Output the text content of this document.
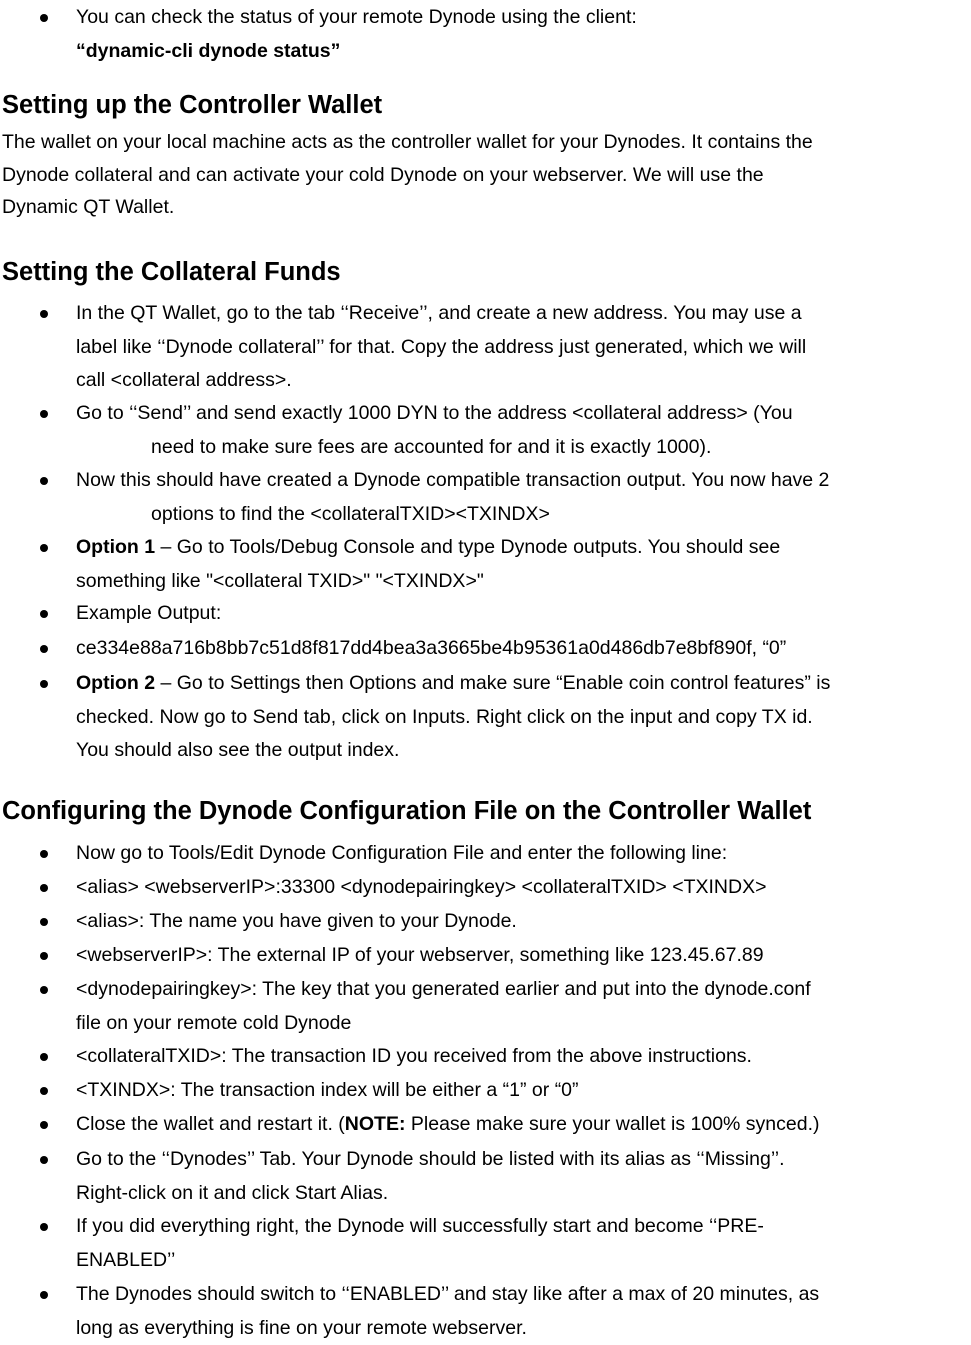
You can check the status of your remote Dynode using the client:
“dynamic-cli dynode status”
Setting up the Controller Wallet
The wallet on your local machine acts as the controller wallet for your Dynodes. It contains the
Dynode collateral and can activate your cold Dynode on your webserver. We will use the
Dynamic QT Wallet.
Setting the Collateral Funds
In the QT Wallet, go to the tab ‘‘Receive’’, and create a new address. You may use a
label like ‘‘Dynode collateral’’ for that. Copy the address just generated, which we will
call <collateral address>.
Go to ‘‘Send’’ and send exactly 1000 DYN to the address <collateral address> (You
need to make sure fees are accounted for and it is exactly 1000).
Now this should have created a Dynode compatible transaction output. You now have 2
options to find the <collateralTXID><TXINDX>
Option 1 – Go to Tools/Debug Console and type Dynode outputs. You should see
something like "<collateral TXID>" "<TXINDX>"
Example Output:
ce334e88a716b8bb7c51d8f817dd4bea3a3665be4b95361a0d486db7e8bf890f, “0”
Option 2 – Go to Settings then Options and make sure “Enable coin control features” is
checked. Now go to Send tab, click on Inputs. Right click on the input and copy TX id.
You should also see the output index.
Configuring the Dynode Configuration File on the Controller Wallet
Now go to Tools/Edit Dynode Configuration File and enter the following line:
<alias> <webserverIP>:33300 <dynodepairingkey> <collateralTXID> <TXINDX>
<alias>: The name you have given to your Dynode.
<webserverIP>: The external IP of your webserver, something like 123.45.67.89
<dynodepairingkey>: The key that you generated earlier and put into the dynode.conf
file on your remote cold Dynode
<collateralTXID>: The transaction ID you received from the above instructions.
<TXINDX>: The transaction index will be either a “1” or “0”
Close the wallet and restart it. (NOTE: Please make sure your wallet is 100% synced.)
Go to the ‘‘Dynodes’’ Tab. Your Dynode should be listed with its alias as ‘‘Missing’’.
Right-click on it and click Start Alias.
If you did everything right, the Dynode will successfully start and become ‘‘PRE-
ENABLED’’
The Dynodes should switch to ‘‘ENABLED’’ and stay like after a max of 20 minutes, as
long as everything is fine on your remote webserver.
